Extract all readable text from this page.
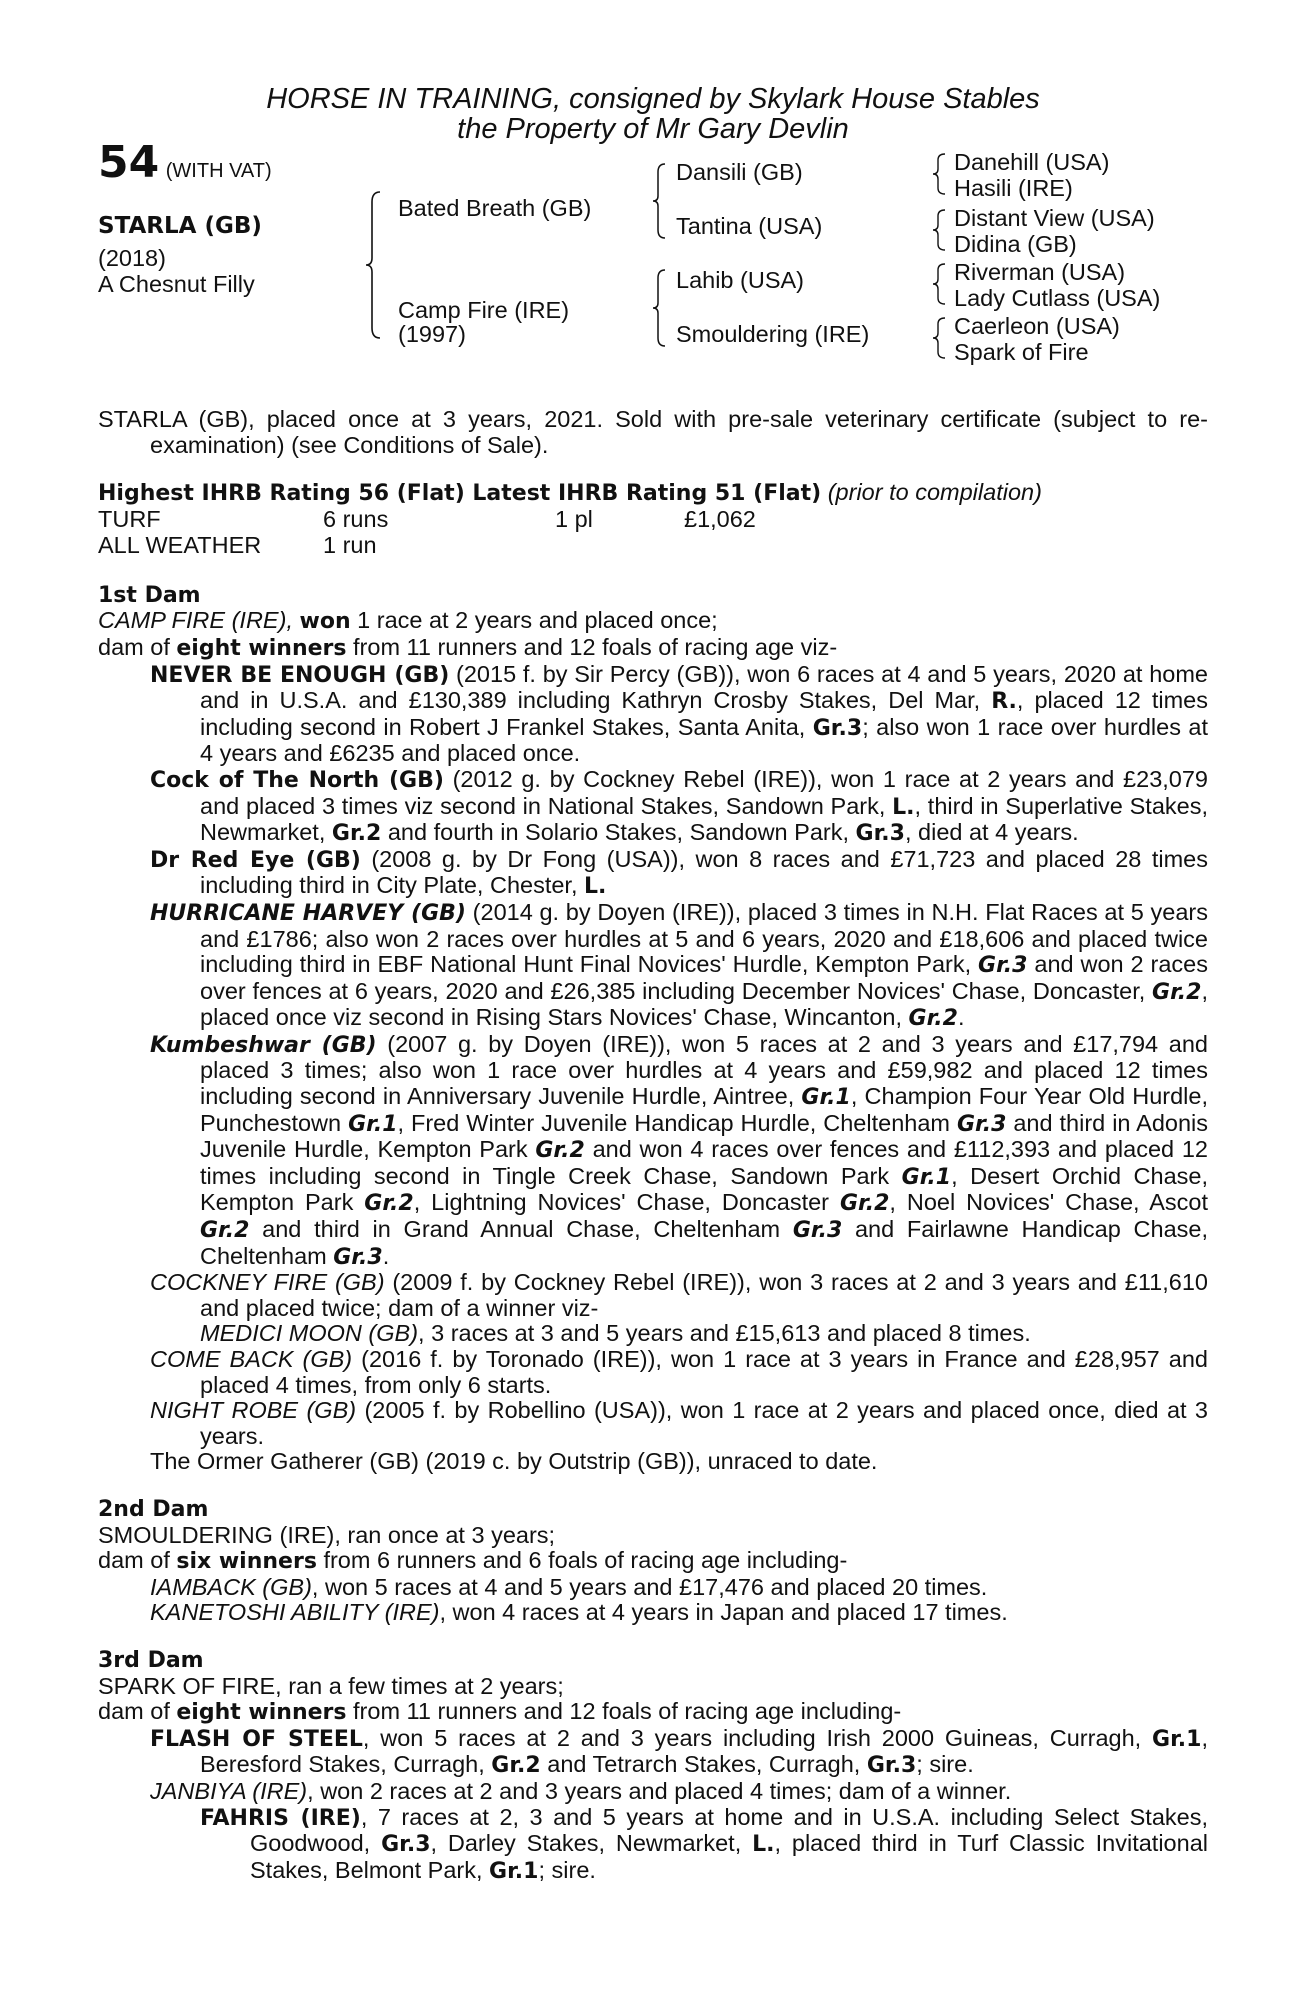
HORSE IN TRAINING, consigned by Skylark House Stables
the Property of Mr Gary Devlin
54 (WITH VAT)
STARLA (GB)
(2018)
A Chesnut Filly
Bated Breath (GB)
Camp Fire (IRE)
(1997)
Dansili (GB)
Tantina (USA)
Lahib (USA)
Smouldering (IRE)
Danehill (USA)
Hasili (IRE)
Distant View (USA)
Didina (GB)
Riverman (USA)
Lady Cutlass (USA)
Caerleon (USA)
Spark of Fire
STARLA (GB), placed once at 3 years, 2021. Sold with pre-sale veterinary certificate (subject to re-examination) (see Conditions of Sale).
Highest IHRB Rating 56 (Flat) Latest IHRB Rating 51 (Flat) (prior to compilation)
TURF	6 runs	1 pl	£1,062
ALL WEATHER	1 run
1st Dam
CAMP FIRE (IRE), won 1 race at 2 years and placed once;
dam of eight winners from 11 runners and 12 foals of racing age viz-
NEVER BE ENOUGH (GB) (2015 f. by Sir Percy (GB)), won 6 races at 4 and 5 years, 2020 at home and in U.S.A. and £130,389 including Kathryn Crosby Stakes, Del Mar, R., placed 12 times including second in Robert J Frankel Stakes, Santa Anita, Gr.3; also won 1 race over hurdles at 4 years and £6235 and placed once.
Cock of The North (GB) (2012 g. by Cockney Rebel (IRE)), won 1 race at 2 years and £23,079 and placed 3 times viz second in National Stakes, Sandown Park, L., third in Superlative Stakes, Newmarket, Gr.2 and fourth in Solario Stakes, Sandown Park, Gr.3, died at 4 years.
Dr Red Eye (GB) (2008 g. by Dr Fong (USA)), won 8 races and £71,723 and placed 28 times including third in City Plate, Chester, L.
HURRICANE HARVEY (GB) (2014 g. by Doyen (IRE)), placed 3 times in N.H. Flat Races at 5 years and £1786; also won 2 races over hurdles at 5 and 6 years, 2020 and £18,606 and placed twice including third in EBF National Hunt Final Novices' Hurdle, Kempton Park, Gr.3 and won 2 races over fences at 6 years, 2020 and £26,385 including December Novices' Chase, Doncaster, Gr.2, placed once viz second in Rising Stars Novices' Chase, Wincanton, Gr.2.
Kumbeshwar (GB) (2007 g. by Doyen (IRE)), won 5 races at 2 and 3 years and £17,794 and placed 3 times; also won 1 race over hurdles at 4 years and £59,982 and placed 12 times including second in Anniversary Juvenile Hurdle, Aintree, Gr.1, Champion Four Year Old Hurdle, Punchestown Gr.1, Fred Winter Juvenile Handicap Hurdle, Cheltenham Gr.3 and third in Adonis Juvenile Hurdle, Kempton Park Gr.2 and won 4 races over fences and £112,393 and placed 12 times including second in Tingle Creek Chase, Sandown Park Gr.1, Desert Orchid Chase, Kempton Park Gr.2, Lightning Novices' Chase, Doncaster Gr.2, Noel Novices' Chase, Ascot Gr.2 and third in Grand Annual Chase, Cheltenham Gr.3 and Fairlawne Handicap Chase, Cheltenham Gr.3.
COCKNEY FIRE (GB) (2009 f. by Cockney Rebel (IRE)), won 3 races at 2 and 3 years and £11,610 and placed twice; dam of a winner viz-
MEDICI MOON (GB), 3 races at 3 and 5 years and £15,613 and placed 8 times.
COME BACK (GB) (2016 f. by Toronado (IRE)), won 1 race at 3 years in France and £28,957 and placed 4 times, from only 6 starts.
NIGHT ROBE (GB) (2005 f. by Robellino (USA)), won 1 race at 2 years and placed once, died at 3 years.
The Ormer Gatherer (GB) (2019 c. by Outstrip (GB)), unraced to date.
2nd Dam
SMOULDERING (IRE), ran once at 3 years;
dam of six winners from 6 runners and 6 foals of racing age including-
IAMBACK (GB), won 5 races at 4 and 5 years and £17,476 and placed 20 times.
KANETOSHI ABILITY (IRE), won 4 races at 4 years in Japan and placed 17 times.
3rd Dam
SPARK OF FIRE, ran a few times at 2 years;
dam of eight winners from 11 runners and 12 foals of racing age including-
FLASH OF STEEL, won 5 races at 2 and 3 years including Irish 2000 Guineas, Curragh, Gr.1, Beresford Stakes, Curragh, Gr.2 and Tetrarch Stakes, Curragh, Gr.3; sire.
JANBIYA (IRE), won 2 races at 2 and 3 years and placed 4 times; dam of a winner.
FAHRIS (IRE), 7 races at 2, 3 and 5 years at home and in U.S.A. including Select Stakes, Goodwood, Gr.3, Darley Stakes, Newmarket, L., placed third in Turf Classic Invitational Stakes, Belmont Park, Gr.1; sire.
